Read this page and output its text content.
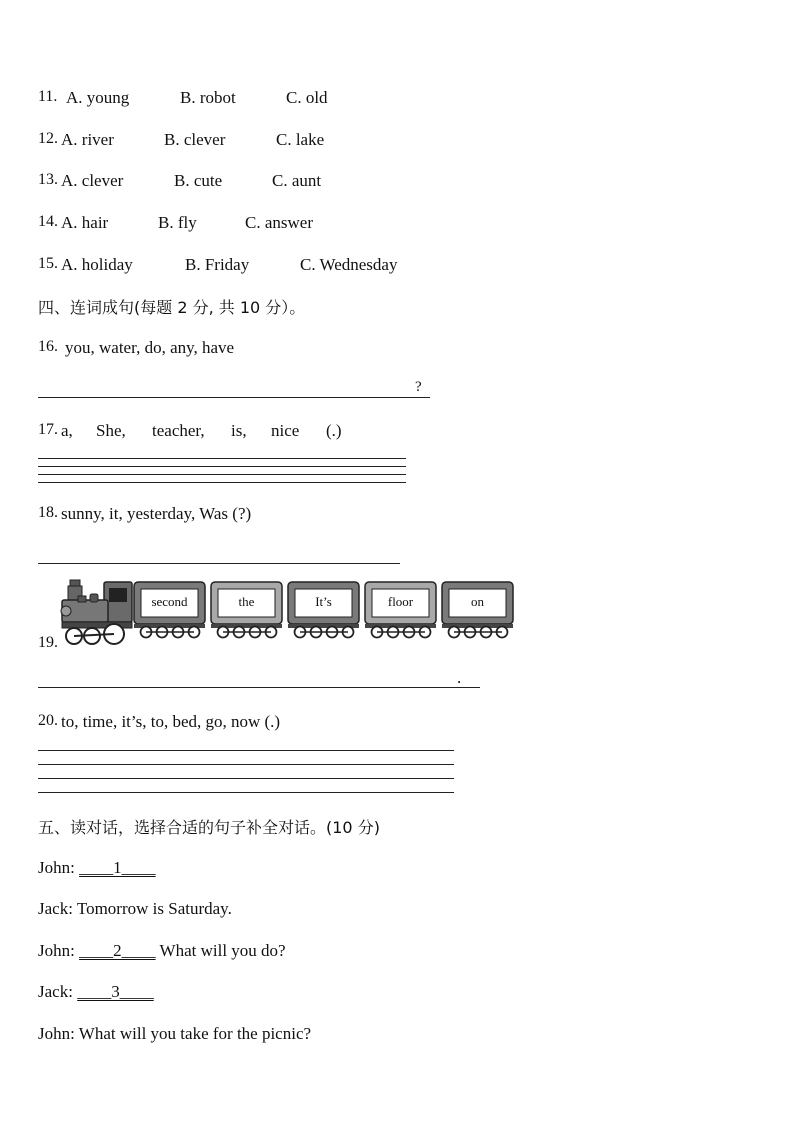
11. A. young	B. robot	C. old
12. A. river	B. clever	C. lake
13. A. clever	B. cute	C. aunt
14. A. hair	B. fly	C. answer
15. A. holiday	B. Friday	C. Wednesday
四、连词成句(每题 2 分, 共 10 分）。
16. you, water, do, any, have
?
17. a, She, teacher, is, nice (.)
18. sunny, it, yesterday, Was (?)
19.
second	the	It’s	floor	on
.
20. to, time, it’s, to, bed, go, now (.)
五、读对话，选择合适的句子补全对话。(10 分)
John: ____1____
Jack: Tomorrow is Saturday.
John: ____2____ What will you do?
Jack: ____3____
John: What will you take for the picnic?
